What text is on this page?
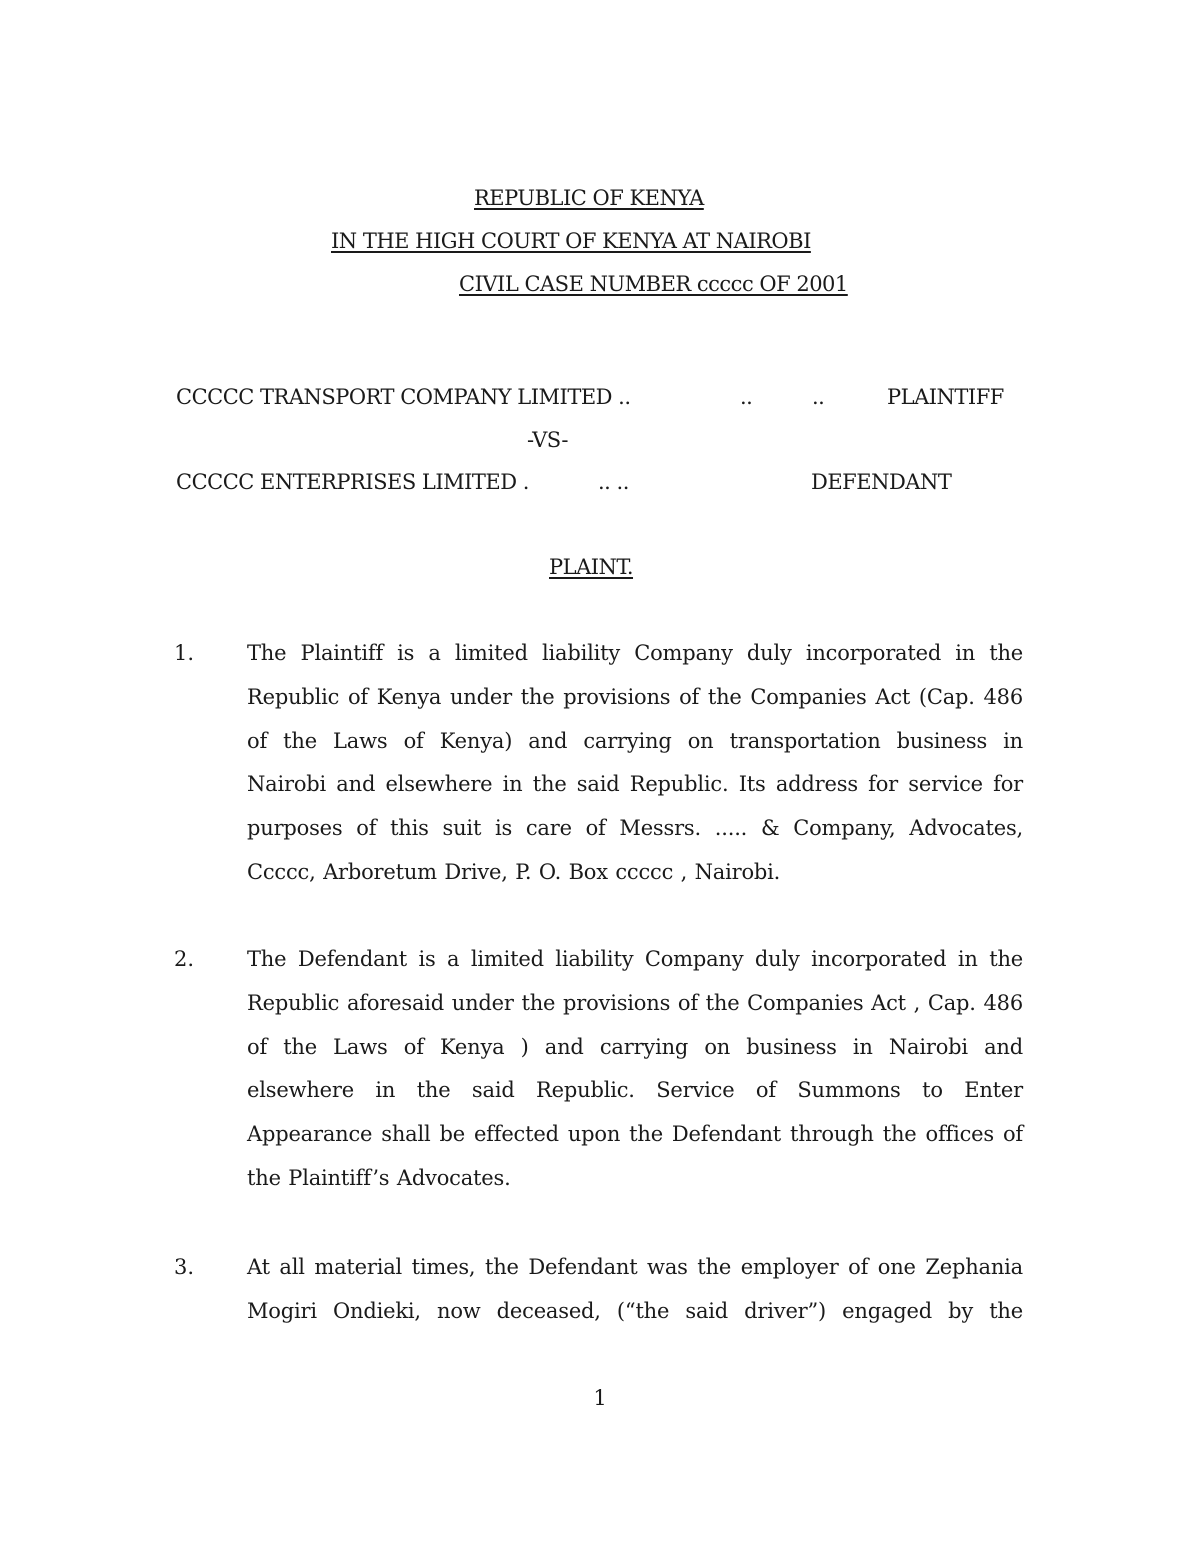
REPUBLIC OF KENYA
IN THE HIGH COURT OF KENYA AT NAIROBI
CIVIL CASE NUMBER ccccc OF 2001
CCCCC TRANSPORT COMPANY LIMITED ..	..	..	PLAINTIFF
-VS-
CCCCC ENTERPRISES LIMITED .	.. ..	DEFENDANT
PLAINT.
1.	The Plaintiff is a limited liability Company duly incorporated in the Republic of Kenya under the provisions of the Companies Act (Cap. 486 of the Laws of Kenya) and carrying on transportation business in Nairobi and elsewhere in the said Republic. Its address for service for purposes of this suit is care of Messrs. ..... & Company, Advocates, Ccccc, Arboretum Drive, P. O. Box ccccc , Nairobi.
2.	The Defendant is a limited liability Company duly incorporated in the Republic aforesaid under the provisions of the Companies Act , Cap. 486 of the Laws of Kenya ) and carrying on business in Nairobi and elsewhere in the said Republic. Service of Summons to Enter Appearance shall be effected upon the Defendant through the offices of the Plaintiff’s Advocates.
3.	At all material times, the Defendant was the employer of one Zephania Mogiri Ondieki, now deceased, (“the said driver”) engaged by the
1
